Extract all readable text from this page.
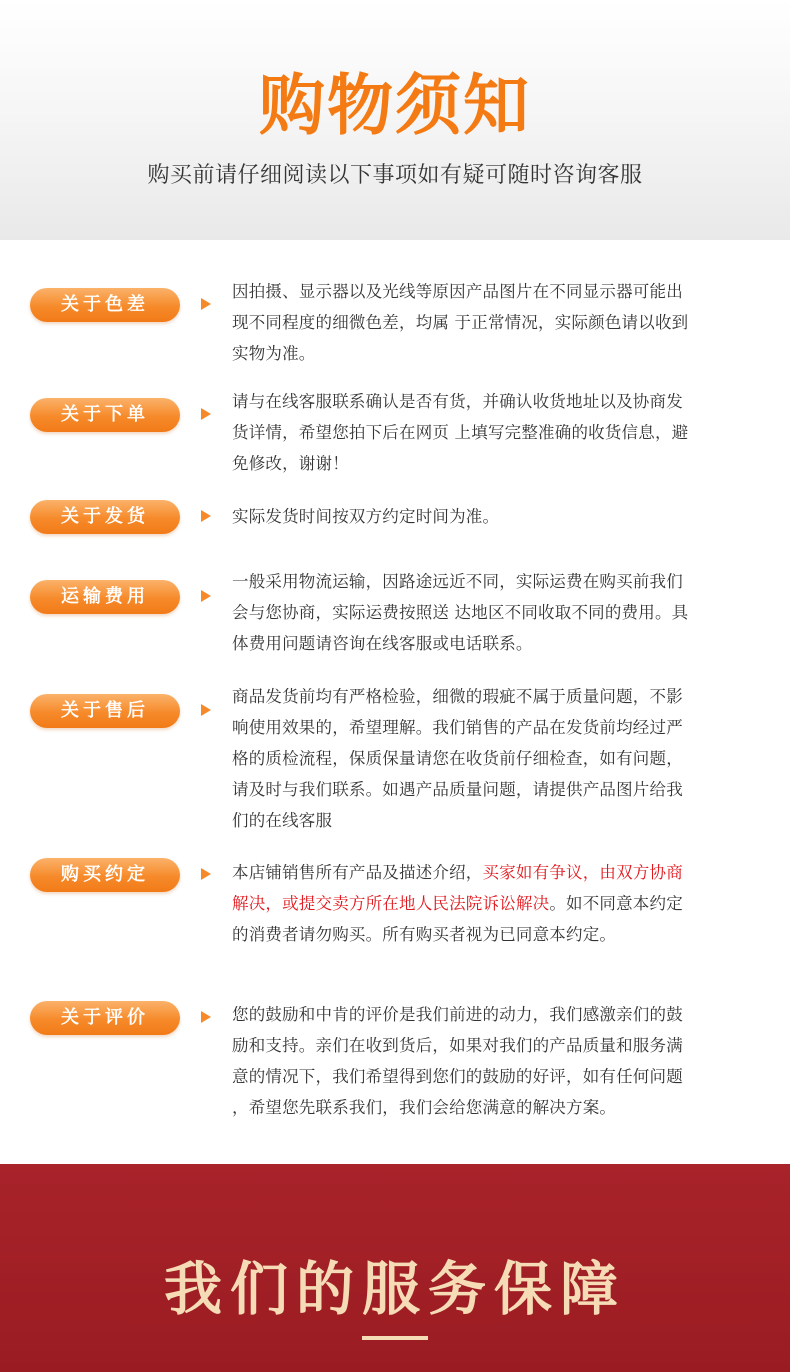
购物须知
购买前请仔细阅读以下事项如有疑可随时咨询客服
关于色差
因拍摄、显示器以及光线等原因产品图片在不同显示器可能出
现不同程度的细微色差，均属 于正常情况，实际颜色请以收到
实物为准。
关于下单
请与在线客服联系确认是否有货，并确认收货地址以及协商发
货详情，希望您拍下后在网页 上填写完整准确的收货信息，避
免修改，谢谢！
关于发货	实际发货时间按双方约定时间为准。
运输费用
一般采用物流运输，因路途远近不同，实际运费在购买前我们
会与您协商，实际运费按照送 达地区不同收取不同的费用。具
体费用问题请咨询在线客服或电话联系。
关于售后
商品发货前均有严格检验，细微的瑕疵不属于质量问题，不影
响使用效果的，希望理解。我们销售的产品在发货前均经过严
格的质检流程，保质保量请您在收货前仔细检查，如有问题，
请及时与我们联系。如遇产品质量问题，请提供产品图片给我
们的在线客服
购买约定	本店铺销售所有产品及描述介绍，买家如有争议，由双方协商
解决，或提交卖方所在地人民法院诉讼解决。如不同意本约定
的消费者请勿购买。所有购买者视为已同意本约定。
关于评价	您的鼓励和中肯的评价是我们前进的动力，我们感激亲们的鼓
励和支持。亲们在收到货后，如果对我们的产品质量和服务满
意的情况下，我们希望得到您们的鼓励的好评，如有任何问题
，希望您先联系我们，我们会给您满意的解决方案。
我们的服务保障
